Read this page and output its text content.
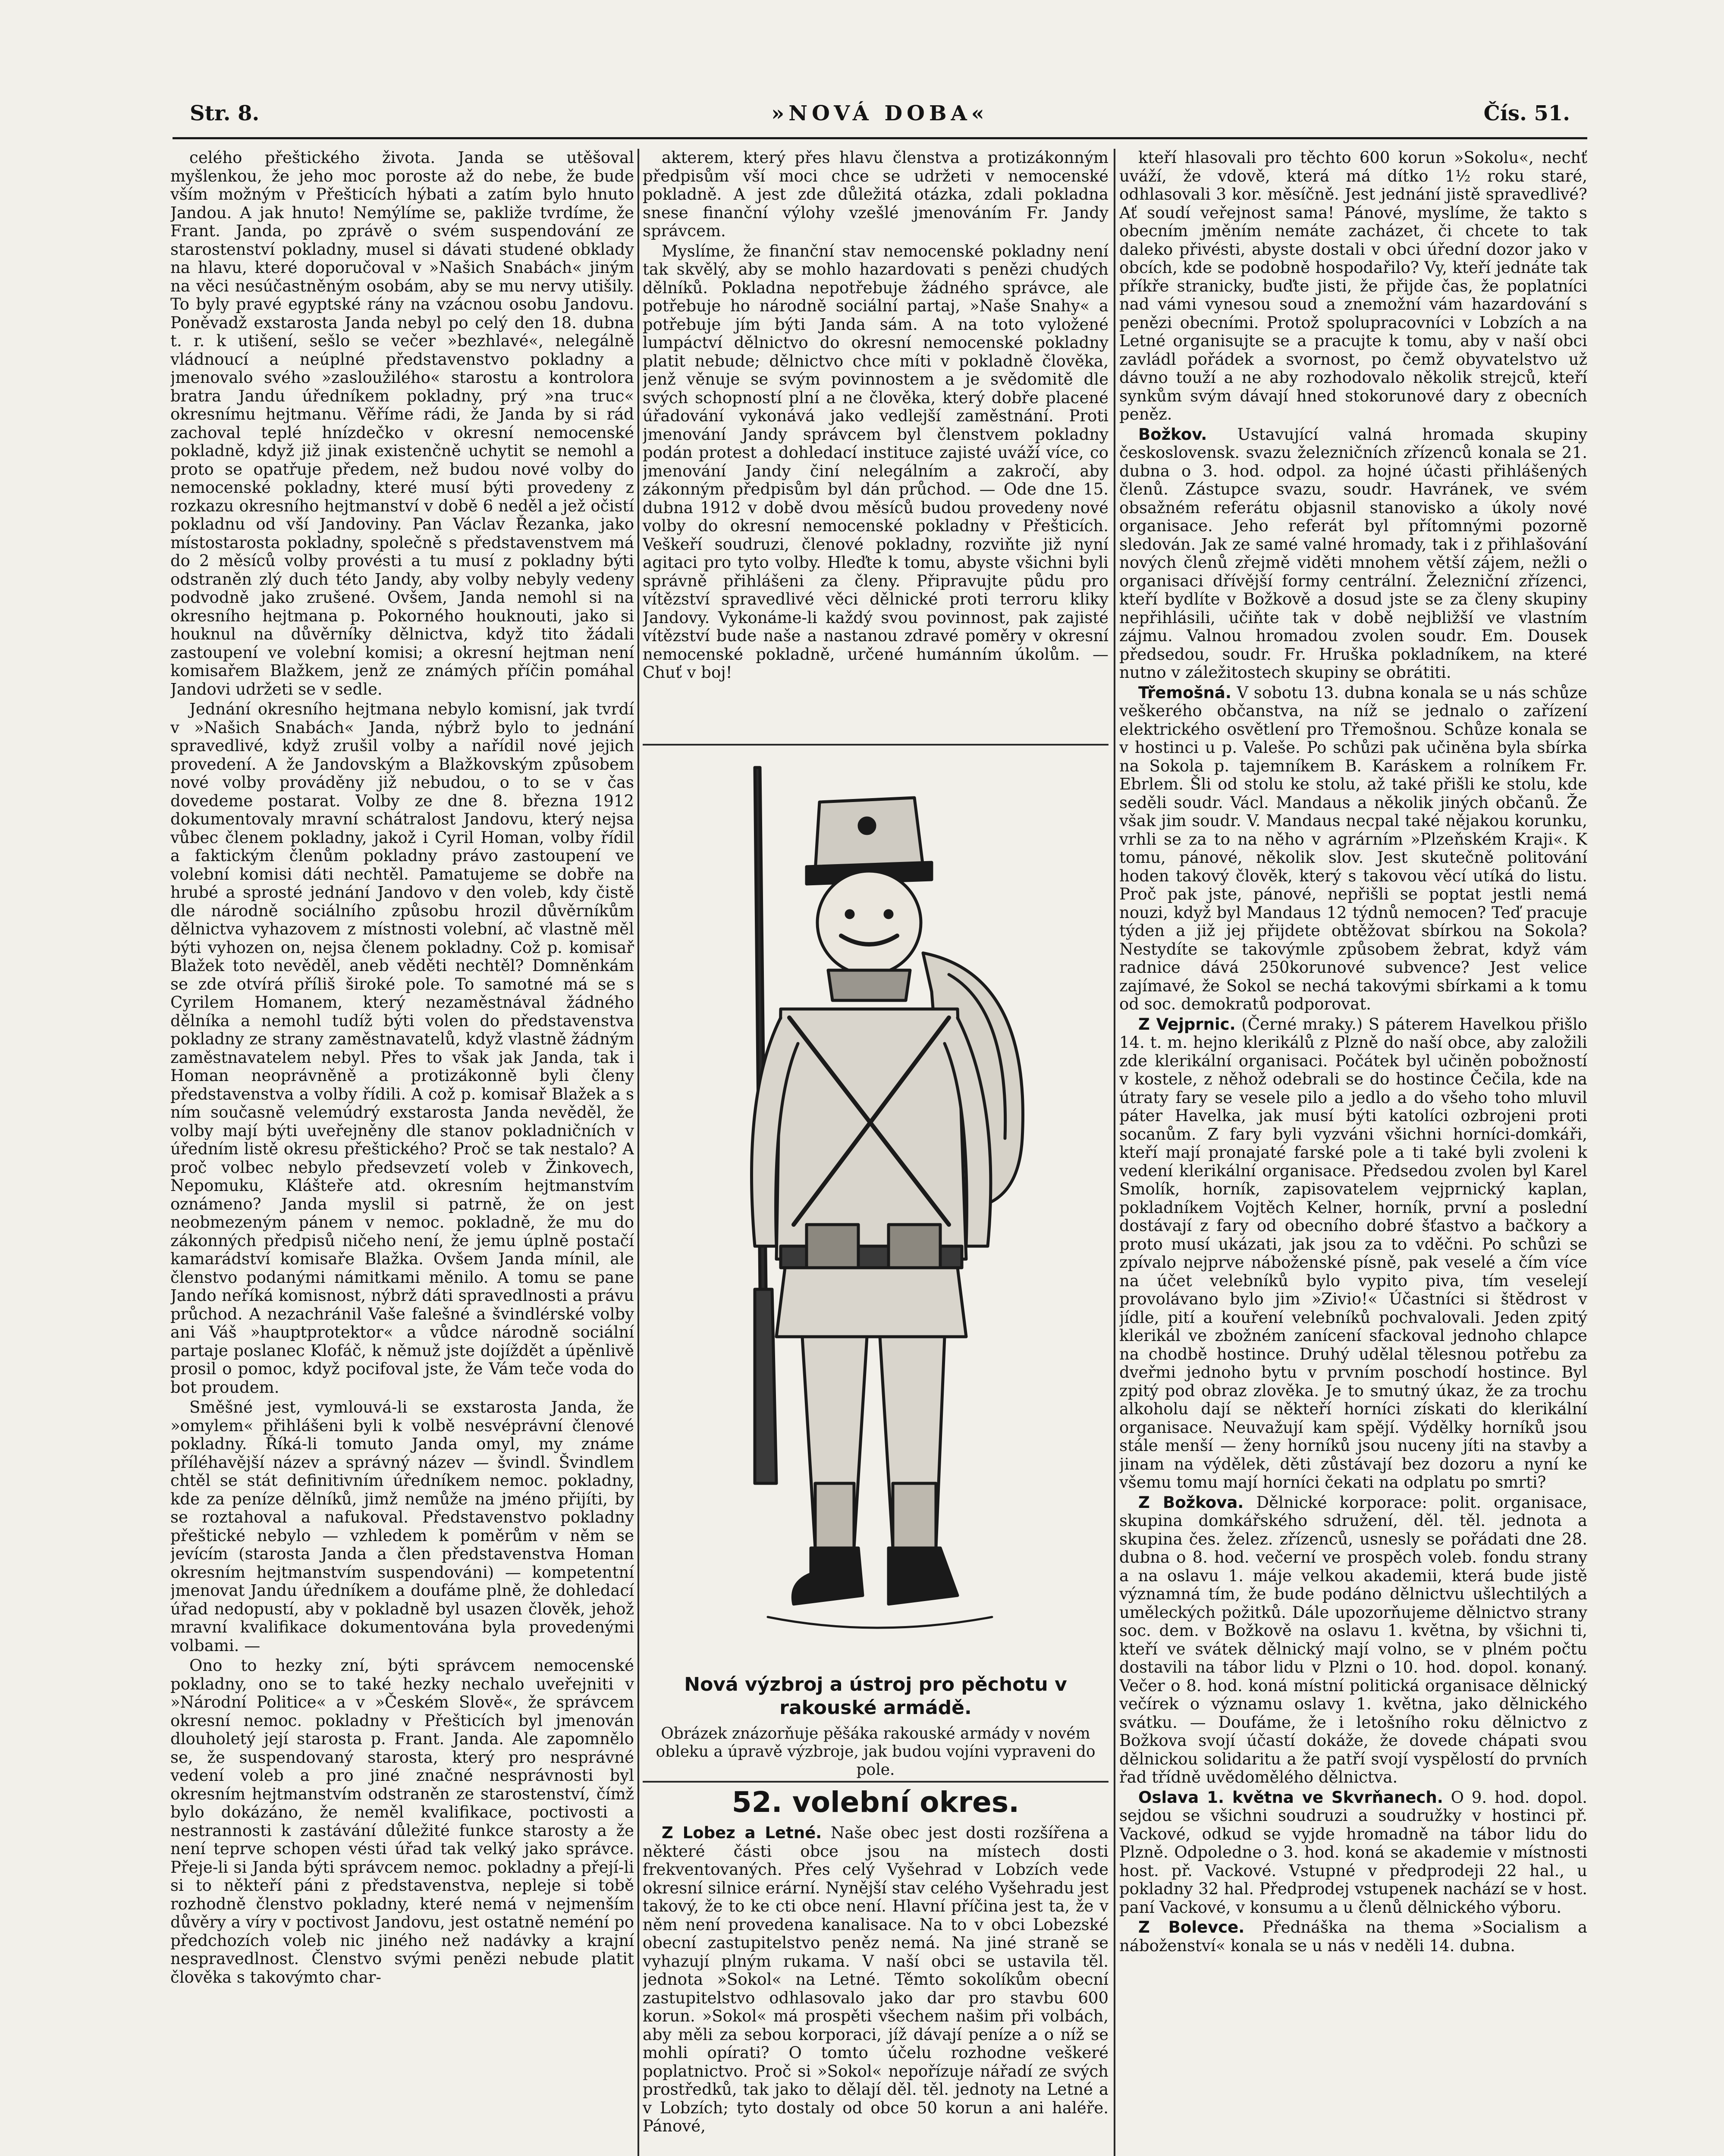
Str. 8.	»NOVÁ DOBA«	Čís. 51.

celého přeštického života. Janda se utěšoval myšlenkou, že jeho moc poroste až do nebe, že bude vším možným v Přešticích hýbati a zatím bylo hnuto Jandou. A jak hnuto! Nemýlíme se, pakliže tvrdíme, že Frant. Janda, po zprávě o svém suspendování ze starostenství pokladny, musel si dávati studené obklady na hlavu, které doporučoval v »Našich Snabách« jiným na věci nesúčastněným osobám, aby se mu nervy utišily. To byly pravé egyptské rány na vzácnou osobu Jandovu. Poněvadž exstarosta Janda nebyl po celý den 18. dubna t. r. k utišení, sešlo se večer »bezhlavé«, nelegálně vládnoucí a neúplné představenstvo pokladny a jmenovalo svého »zasloužilého« starostu a kontrolora bratra Jandu úředníkem pokladny, prý »na truc« okresnímu hejtmanu. Věříme rádi, že Janda by si rád zachoval teplé hnízdečko v okresní nemocenské pokladně, když již jinak existenčně uchytit se nemohl a proto se opatřuje předem, než budou nové volby do nemocenské pokladny, které musí býti provedeny z rozkazu okresního hejtmanství v době 6 neděl a jež očistí pokladnu od vší Jandoviny. Pan Václav Řezanka, jako místostarosta pokladny, společně s představenstvem má do 2 měsíců volby provésti a tu musí z pokladny býti odstraněn zlý duch této Jandy, aby volby nebyly vedeny podvodně jako zrušené. Ovšem, Janda nemohl si na okresního hejtmana p. Pokorného houknouti, jako si houknul na důvěrníky dělnictva, když tito žádali zastoupení ve volební komisi; a okresní hejtman není komisařem Blažkem, jenž ze známých příčin pomáhal Jandovi udržeti se v sedle.

Jednání okresního hejtmana nebylo komisní, jak tvrdí v »Našich Snabách« Janda, nýbrž bylo to jednání spravedlivé, když zrušil volby a nařídil nové jejich provedení. A že Jandovským a Blažkovským způsobem nové volby prováděny již nebudou, o to se v čas dovedeme postarat. Volby ze dne 8. března 1912 dokumentovaly mravní schátralost Jandovu, který nejsa vůbec členem pokladny, jakož i Cyril Homan, volby řídil a faktickým členům pokladny právo zastoupení ve volební komisi dáti nechtěl. Pamatujeme se dobře na hrubé a sprosté jednání Jandovo v den voleb, kdy čistě dle národně sociálního způsobu hrozil důvěrníkům dělnictva vyhazovem z místnosti volební, ač vlastně měl býti vyhozen on, nejsa členem pokladny. Což p. komisař Blažek toto nevěděl, aneb věděti nechtěl? Domněnkám se zde otvírá příliš široké pole. To samotné má se s Cyrilem Homanem, který nezaměstnával žádného dělníka a nemohl tudíž býti volen do představenstva pokladny ze strany zaměstnavatelů, když vlastně žádným zaměstnavatelem nebyl. Přes to však jak Janda, tak i Homan neoprávněně a protizákonně byli členy představenstva a volby řídili. A což p. komisař Blažek a s ním současně velemúdrý exstarosta Janda nevěděl, že volby mají býti uveřejněny dle stanov pokladničních v úředním listě okresu přeštického? Proč se tak nestalo? A proč volbec nebylo předsevzetí voleb v Žinkovech, Nepomuku, Klášteře atd. okresním hejtmanstvím oznámeno? Janda myslil si patrně, že on jest neobmezeným pánem v nemoc. pokladně, že mu do zákonných předpisů ničeho není, že jemu úplně postačí kamarádství komisaře Blažka. Ovšem Janda mínil, ale členstvo podanými námitkami měnilo. A tomu se pane Jando neříká komisnost, nýbrž dáti spravedlnosti a právu průchod. A nezachránil Vaše falešné a švindlérské volby ani Váš »hauptprotektor« a vůdce národně sociální partaje poslanec Klofáč, k němuž jste dojíždět a úpěnlivě prosil o pomoc, když pocifoval jste, že Vám teče voda do bot proudem.

Směšné jest, vymlouvá-li se exstarosta Janda, že »omylem« přihlášeni byli k volbě nesvéprávní členové pokladny. Říká-li tomuto Janda omyl, my známe příléhavější název a správný název — švindl. Švindlem chtěl se stát definitivním úředníkem nemoc. pokladny, kde za peníze dělníků, jimž nemůže na jméno přijíti, by se roztahoval a nafukoval. Představenstvo pokladny přeštické nebylo — vzhledem k poměrům v něm se jevícím (starosta Janda a člen představenstva Homan okresním hejtmanstvím suspendováni) — kompetentní jmenovat Jandu úředníkem a doufáme plně, že dohledací úřad nedopustí, aby v pokladně byl usazen člověk, jehož mravní kvalifikace dokumentována byla provedenými volbami. —

Ono to hezky zní, býti správcem nemocenské pokladny, ono se to také hezky nechalo uveřejniti v »Národní Politice« a v »Českém Slově«, že správcem okresní nemoc. pokladny v Přešticích byl jmenován dlouholetý její starosta p. Frant. Janda. Ale zapomnělo se, že suspendovaný starosta, který pro nesprávné vedení voleb a pro jiné značné nesprávnosti byl okresním hejtmanstvím odstraněn ze starostenství, čímž bylo dokázáno, že neměl kvalifikace, poctivosti a nestrannosti k zastávání důležité funkce starosty a že není teprve schopen vésti úřad tak velký jako správce. Přeje-li si Janda býti správcem nemoc. pokladny a přejí-li si to někteří páni z představenstva, nepleje si tobě rozhodně členstvo pokladny, které nemá v nejmenším důvěry a víry v poctivost Jandovu, jest ostatně neméní po předchozích voleb nic jiného než nadávky a krajní nespravedlnost. Členstvo svými penězi nebude platit člověka s takovýmto char-

akterem, který přes hlavu členstva a protizákonným předpisům vší moci chce se udržeti v nemocenské pokladně. A jest zde důležitá otázka, zdali pokladna snese finanční výlohy vzešlé jmenováním Fr. Jandy správcem.

Myslíme, že finanční stav nemocenské pokladny není tak skvělý, aby se mohlo hazardovati s penězi chudých dělníků. Pokladna nepotřebuje žádného správce, ale potřebuje ho národně sociální partaj, »Naše Snahy« a potřebuje jím býti Janda sám. A na toto vyložené lumpáctví dělnictvo do okresní nemocenské pokladny platit nebude; dělnictvo chce míti v pokladně člověka, jenž věnuje se svým povinnostem a je svědomitě dle svých schopností plní a ne člověka, který dobře placené úřadování vykonává jako vedlejší zaměstnání. Proti jmenování Jandy správcem byl členstvem pokladny podán protest a dohledací instituce zajisté uváží více, co jmenování Jandy činí nelegálním a zakročí, aby zákonným předpisům byl dán průchod. — Ode dne 15. dubna 1912 v době dvou měsíců budou provedeny nové volby do okresní nemocenské pokladny v Přešticích. Veškeří soudruzi, členové pokladny, rozviňte již nyní agitaci pro tyto volby. Hleďte k tomu, abyste všichni byli správně přihlášeni za členy. Připravujte půdu pro vítězství spravedlivé věci dělnické proti terroru kliky Jandovy. Vykonáme-li každý svou povinnost, pak zajisté vítězství bude naše a nastanou zdravé poměry v okresní nemocenské pokladně, určené humánním úkolům. — Chuť v boj!

Nová výzbroj a ústroj pro pěchotu v rakouské armádě.
Obrázek znázorňuje pěšáka rakouské armády v novém obleku a úpravě výzbroje, jak budou vojíni vypraveni do pole.
52. volební okres.

Z Lobez a Letné. Naše obec jest dosti rozšířena a některé části obce jsou na místech dosti frekventovaných. Přes celý Vyšehrad v Lobzích vede okresní silnice erární. Nynější stav celého Vyšehradu jest takový, že to ke cti obce není. Hlavní příčina jest ta, že v něm není provedena kanalisace. Na to v obci Lobezské obecní zastupitelstvo peněz nemá. Na jiné straně se vyhazují plným rukama. V naší obci se ustavila těl. jednota »Sokol« na Letné. Těmto sokolíkům obecní zastupitelstvo odhlasovalo jako dar pro stavbu 600 korun. »Sokol« má prospěti všechem našim při volbách, aby měli za sebou korporaci, jíž dávají peníze a o níž se mohli opírati? O tomto účelu rozhodne veškeré poplatnictvo. Proč si »Sokol« nepořízuje nářadí ze svých prostředků, tak jako to dělají děl. těl. jednoty na Letné a v Lobzích; tyto dostaly od obce 50 korun a ani haléře. Pánové,

kteří hlasovali pro těchto 600 korun »Sokolu«, nechť uváží, že vdově, která má dítko 1½ roku staré, odhlasovali 3 kor. měsíčně. Jest jednání jistě spravedlivé? Ať soudí veřejnost sama! Pánové, myslíme, že takto s obecním jměním nemáte zacházet, či chcete to tak daleko přivésti, abyste dostali v obci úřední dozor jako v obcích, kde se podobně hospodařilo? Vy, kteří jednáte tak příkře stranicky, buďte jisti, že přijde čas, že poplatníci nad vámi vynesou soud a znemožní vám hazardování s penězi obecními. Protož spolupracovníci v Lobzích a na Letné organisujte se a pracujte k tomu, aby v naší obci zavládl pořádek a svornost, po čemž obyvatelstvo už dávno touží a ne aby rozhodovalo několik strejců, kteří synkům svým dávají hned stokorunové dary z obecních peněz.

Božkov. Ustavující valná hromada skupiny československ. svazu železničních zřízenců konala se 21. dubna o 3. hod. odpol. za hojné účasti přihlášených členů. Zástupce svazu, soudr. Havránek, ve svém obsažném referátu objasnil stanovisko a úkoly nové organisace. Jeho referát byl přítomnými pozorně sledován. Jak ze samé valné hromady, tak i z přihlašování nových členů zřejmě viděti mnohem větší zájem, nežli o organisaci dřívější formy centrální. Železniční zřízenci, kteří bydlíte v Božkově a dosud jste se za členy skupiny nepřihlásili, učiňte tak v době nejbližší ve vlastním zájmu. Valnou hromadou zvolen soudr. Em. Dousek předsedou, soudr. Fr. Hruška pokladníkem, na které nutno v záležitostech skupiny se obrátiti.

Třemošná. V sobotu 13. dubna konala se u nás schůze veškerého občanstva, na níž se jednalo o zařízení elektrického osvětlení pro Třemošnou. Schůze konala se v hostinci u p. Valeše. Po schůzi pak učiněna byla sbírka na Sokola p. tajemníkem B. Karáskem a rolníkem Fr. Ebrlem. Šli od stolu ke stolu, až také přišli ke stolu, kde seděli soudr. Václ. Mandaus a několik jiných občanů. Že však jim soudr. V. Mandaus necpal také nějakou korunku, vrhli se za to na něho v agrárním »Plzeňském Kraji«. K tomu, pánové, několik slov. Jest skutečně politování hoden takový člověk, který s takovou věcí utíká do listu. Proč pak jste, pánové, nepřišli se poptat jestli nemá nouzi, když byl Mandaus 12 týdnů nemocen? Teď pracuje týden a již jej přijdete obtěžovat sbírkou na Sokola? Nestydíte se takovýmle způsobem žebrat, když vám radnice dává 250korunové subvence? Jest velice zajímavé, že Sokol se nechá takovými sbírkami a k tomu od soc. demokratů podporovat.

Z Vejprnic. (Černé mraky.) S páterem Havelkou přišlo 14. t. m. hejno klerikálů z Plzně do naší obce, aby založili zde klerikální organisaci. Počátek byl učiněn pobožností v kostele, z něhož odebrali se do hostince Čečila, kde na útraty fary se vesele pilo a jedlo a do všeho toho mluvil páter Havelka, jak musí býti katolíci ozbrojeni proti socanům. Z fary byli vyzváni všichni horníci-domkáři, kteří mají pronajaté farské pole a ti také byli zvoleni k vedení klerikální organisace. Předsedou zvolen byl Karel Smolík, horník, zapisovatelem vejprnický kaplan, pokladníkem Vojtěch Kelner, horník, první a poslední dostávají z fary od obecního dobré šťastvo a bačkory a proto musí ukázati, jak jsou za to vděčni. Po schůzi se zpívalo nejprve náboženské písně, pak veselé a čím více na účet velebníků bylo vypito piva, tím veselejí provolávano bylo jim »Zivio!« Účastníci si štědrost v jídle, pití a kouření velebníků pochvalovali. Jeden zpitý klerikál ve zbožném zanícení sfackoval jednoho chlapce na chodbě hostince. Druhý udělal tělesnou potřebu za dveřmi jednoho bytu v prvním poschodí hostince. Byl zpitý pod obraz zlověka. Je to smutný úkaz, že za trochu alkoholu dají se někteří horníci získati do klerikální organisace. Neuvažují kam spějí. Výdělky horníků jsou stále menší — ženy horníků jsou nuceny jíti na stavby a jinam na výdělek, děti zůstávají bez dozoru a nyní ke všemu tomu mají horníci čekati na odplatu po smrti?

Z Božkova. Dělnické korporace: polit. organisace, skupina domkářského sdružení, děl. těl. jednota a skupina čes. želez. zřízenců, usnesly se pořádati dne 28. dubna o 8. hod. večerní ve prospěch voleb. fondu strany a na oslavu 1. máje velkou akademii, která bude jistě významná tím, že bude podáno dělnictvu ušlechtilých a uměleckých požitků. Dále upozorňujeme dělnictvo strany soc. dem. v Božkově na oslavu 1. května, by všichni ti, kteří ve svátek dělnický mají volno, se v plném počtu dostavili na tábor lidu v Plzni o 10. hod. dopol. konaný. Večer o 8. hod. koná místní politická organisace dělnický večírek o významu oslavy 1. května, jako dělnického svátku. — Doufáme, že i letošního roku dělnictvo z Božkova svojí účastí dokáže, že dovede chápati svou dělnickou solidaritu a že patří svojí vyspělostí do prvních řad třídně uvědomělého dělnictva.

Oslava 1. května ve Skvrňanech. O 9. hod. dopol. sejdou se všichni soudruzi a soudružky v hostinci př. Vackové, odkud se vyjde hromadně na tábor lidu do Plzně. Odpoledne o 3. hod. koná se akademie v místnosti host. př. Vackové. Vstupné v předprodeji 22 hal., u pokladny 32 hal. Předprodej vstupenek nachází se v host. paní Vackové, v konsumu a u členů dělnického výboru.

Z Bolevce. Přednáška na thema »Socialism a náboženství« konala se u nás v neděli 14. dubna.
